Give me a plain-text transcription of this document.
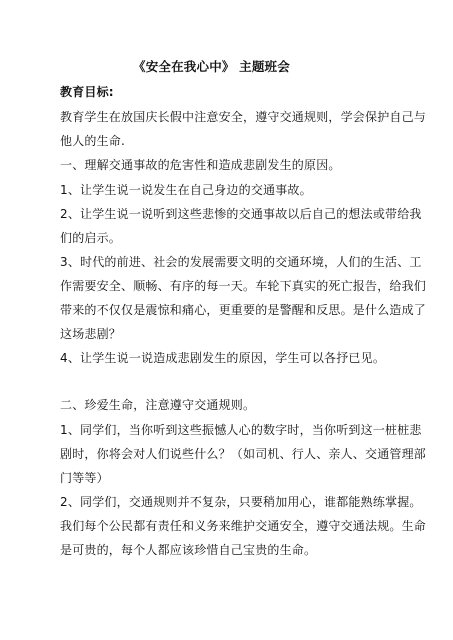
《安全在我心中》 主题班会
教育目标:
教育学生在放国庆长假中注意安全，遵守交通规则，学会保护自己与
他人的生命.
一、理解交通事故的危害性和造成悲剧发生的原因。
1、让学生说一说发生在自己身边的交通事故。
2、让学生说一说听到这些悲惨的交通事故以后自己的想法或带给我
们的启示。
3、时代的前进、社会的发展需要文明的交通环境，人们的生活、工
作需要安全、顺畅、有序的每一天。车轮下真实的死亡报告，给我们
带来的不仅仅是震惊和痛心，更重要的是警醒和反思。是什么造成了
这场悲剧？
4、让学生说一说造成悲剧发生的原因，学生可以各抒已见。
二、珍爱生命，注意遵守交通规则。
1、同学们，当你听到这些振憾人心的数字时，当你听到这一桩桩悲
剧时，你将会对人们说些什么？（如司机、行人、亲人、交通管理部
门等等）
2、同学们，交通规则并不复杂，只要稍加用心，谁都能熟练掌握。
我们每个公民都有责任和义务来维护交通安全，遵守交通法规。生命
是可贵的，每个人都应该珍惜自己宝贵的生命。
